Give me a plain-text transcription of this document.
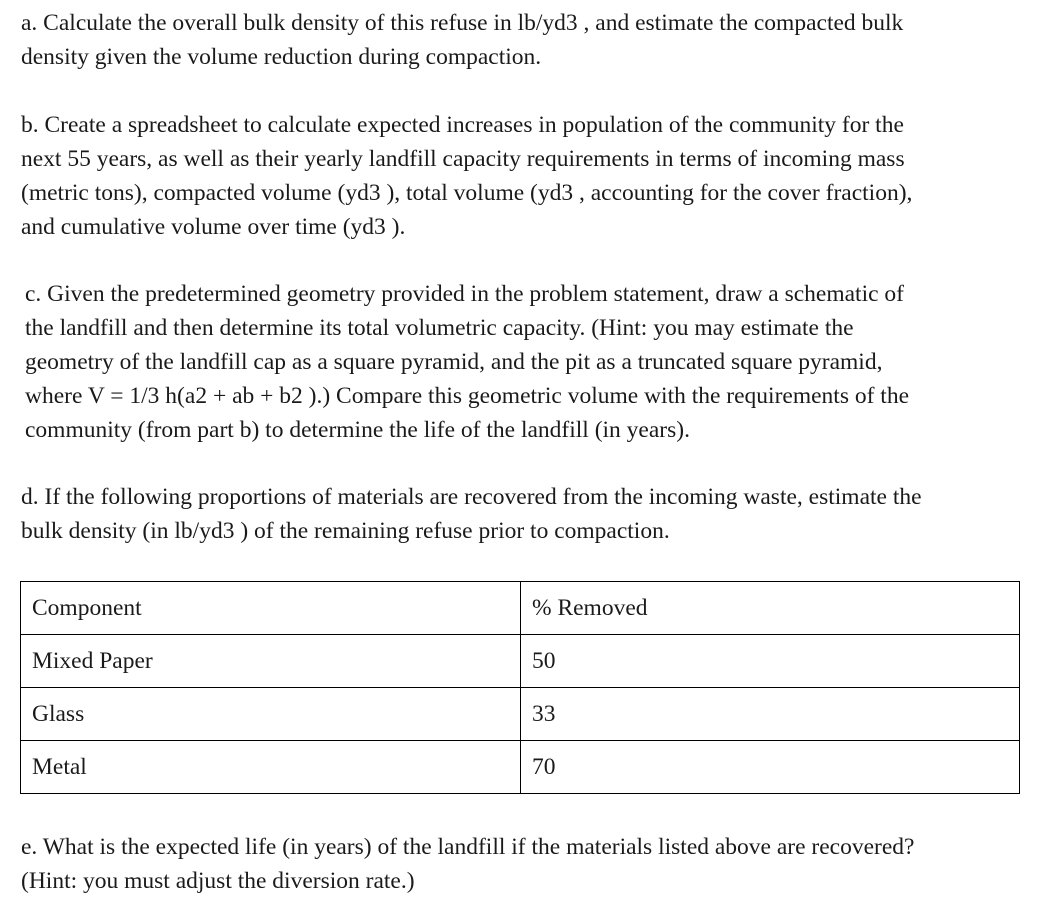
a. Calculate the overall bulk density of this refuse in lb/yd3 , and estimate the compacted bulk
density given the volume reduction during compaction.

b. Create a spreadsheet to calculate expected increases in population of the community for the
next 55 years, as well as their yearly landfill capacity requirements in terms of incoming mass
(metric tons), compacted volume (yd3 ), total volume (yd3 , accounting for the cover fraction),
and cumulative volume over time (yd3 ).

c. Given the predetermined geometry provided in the problem statement, draw a schematic of
the landfill and then determine its total volumetric capacity. (Hint: you may estimate the
geometry of the landfill cap as a square pyramid, and the pit as a truncated square pyramid,
where V = 1/3 h(a2 + ab + b2 ).) Compare this geometric volume with the requirements of the
community (from part b) to determine the life of the landfill (in years).

d. If the following proportions of materials are recovered from the incoming waste, estimate the
bulk density (in lb/yd3 ) of the remaining refuse prior to compaction.

Component	% Removed
Mixed Paper	50
Glass	33
Metal	70

e. What is the expected life (in years) of the landfill if the materials listed above are recovered?
(Hint: you must adjust the diversion rate.)
